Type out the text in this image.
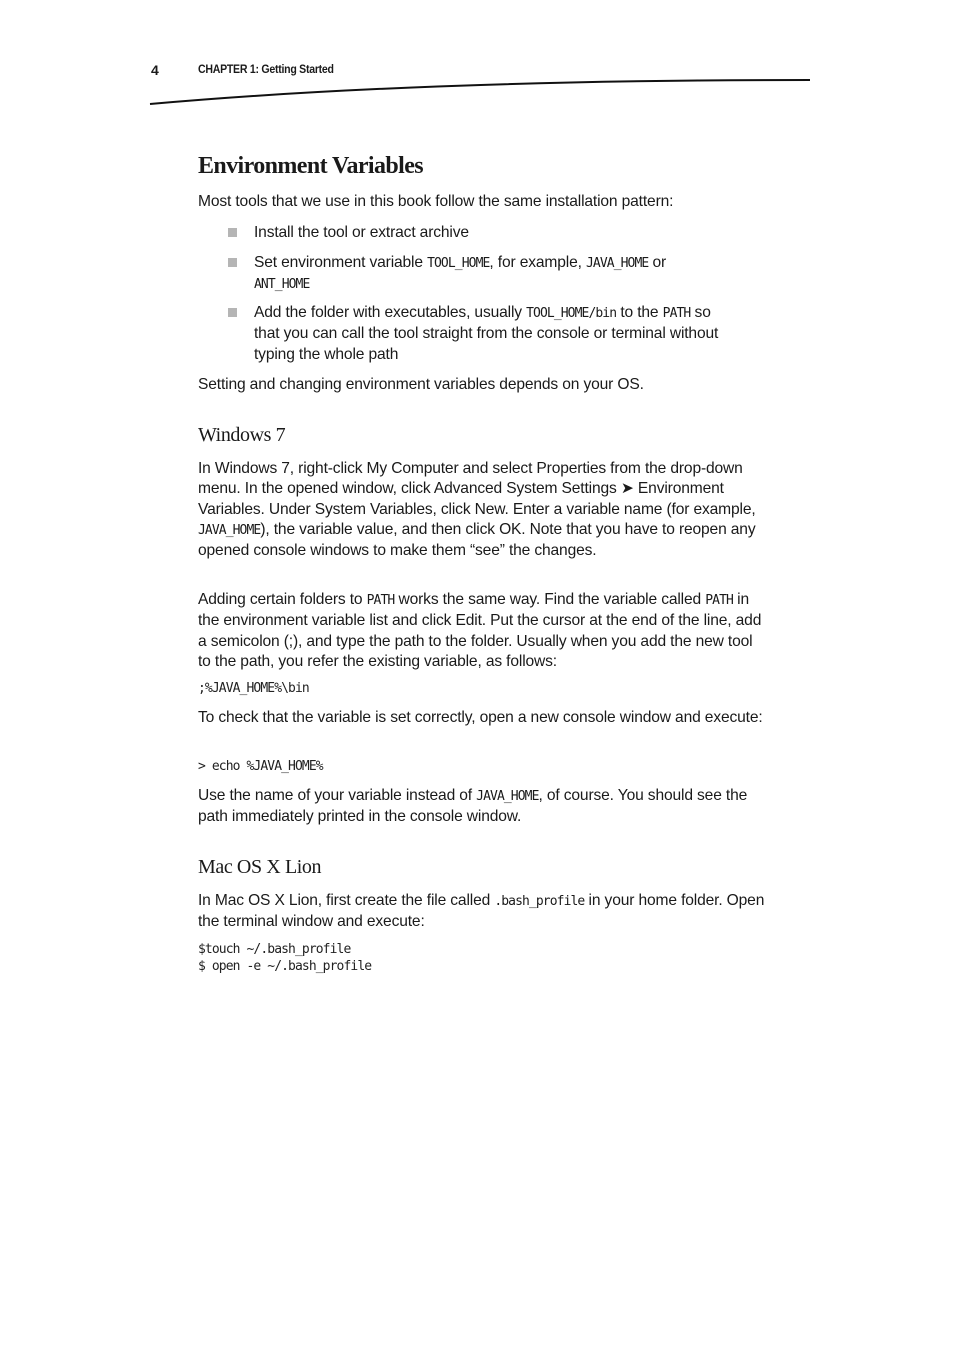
4	CHAPTER 1: Getting Started
Environment Variables
Most tools that we use in this book follow the same installation pattern:
Install the tool or extract archive
Set environment variable TOOL_HOME, for example, JAVA_HOME or
ANT_HOME
Add the folder with executables, usually TOOL_HOME/bin to the PATH so that you can call the tool straight from the console or terminal without typing the whole path
Setting and changing environment variables depends on your OS.
Windows 7
In Windows 7, right-click My Computer and select Properties from the drop-down menu. In the opened window, click Advanced System Settings ➤ Environment Variables. Under System Variables, click New. Enter a variable name (for example, JAVA_HOME), the variable value, and then click OK. Note that you have to reopen any opened console windows to make them “see” the changes.
Adding certain folders to PATH works the same way. Find the variable called PATH in the environment variable list and click Edit. Put the cursor at the end of the line, add a semicolon (;), and type the path to the folder. Usually when you add the new tool to the path, you refer the existing variable, as follows:
;%JAVA_HOME%\bin
To check that the variable is set correctly, open a new console window and execute:
> echo %JAVA_HOME%
Use the name of your variable instead of JAVA_HOME, of course. You should see the path immediately printed in the console window.
Mac OS X Lion
In Mac OS X Lion, first create the file called .bash_profile in your home folder. Open the terminal window and execute:
$touch ~/.bash_profile
$ open -e ~/.bash_profile
